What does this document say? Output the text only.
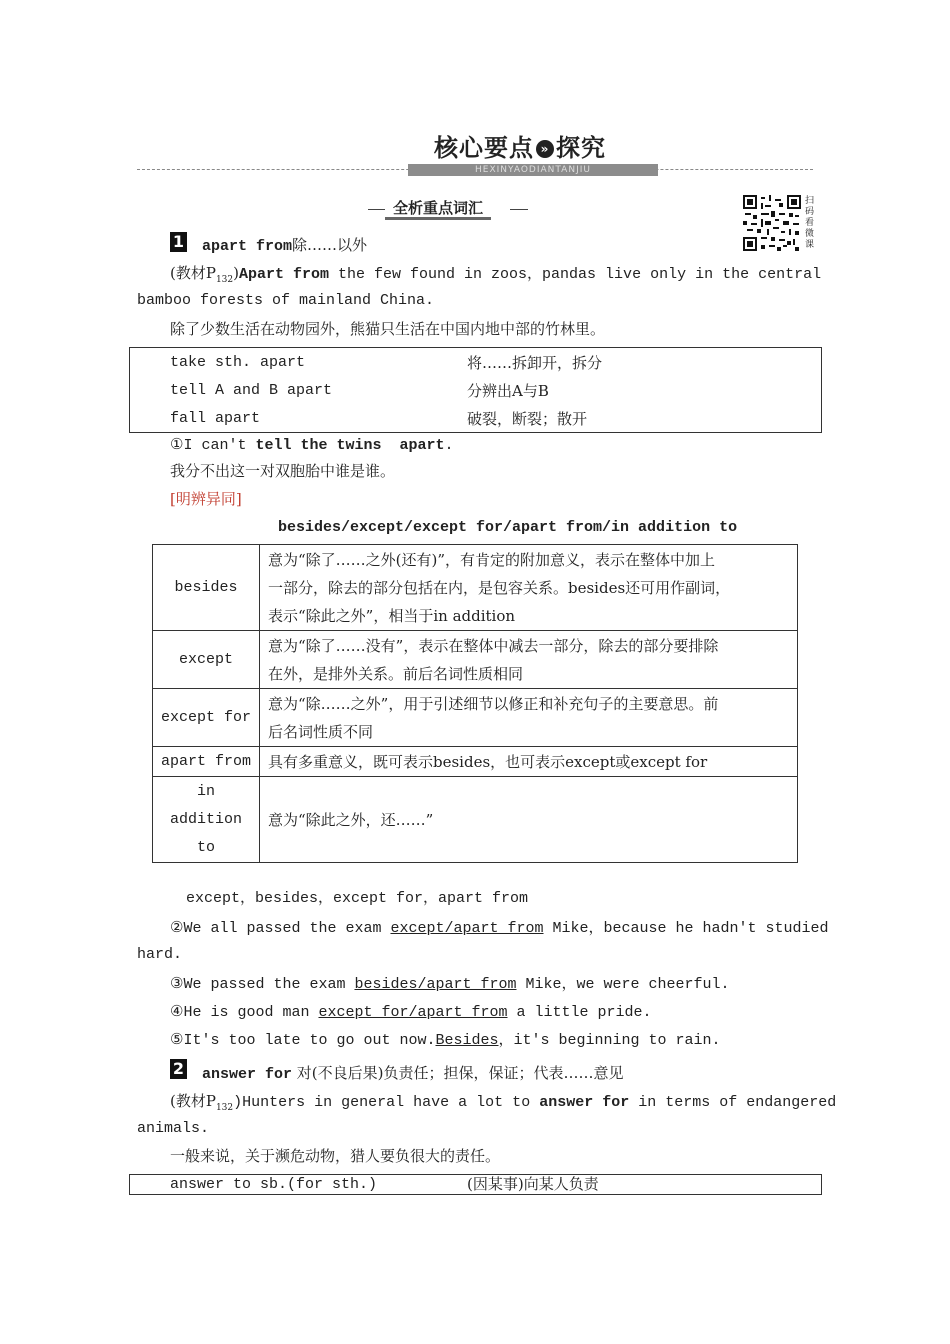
核心要点 » 探究
HEXINYAODIANTANJIU
全析重点词汇	扫码看微课
1 apart from除……以外
(教材$P_{132})Apart$ from the few found in zoos，pandas live only in the central
bamboo forests of mainland China.
除了少数生活在动物园外，熊猫只生活在中国内地中部的竹林里。
take sth. apart	将……拆卸开，拆分
tell A and B apart	分辨出A与B
fall apart	破裂，断裂；散开
①I can't tell the twins  apart.
我分不出这一对双胞胎中谁是谁。
[明辨异同]
besides/except/except for/apart from/in addition to
besides	意为“除了……之外(还有)”，有肯定的附加意义，表示在整体中加上
一部分，除去的部分包括在内，是包容关系。besides还可用作副词，
表示“除此之外”，相当于in addition

except	意为“除了……没有”，表示在整体中减去一部分，除去的部分要排除
在外，是排外关系。前后名词性质相同

except for	意为“除……之外”，用于引述细节以修正和补充句子的主要意思。前
后名词性质不同

apart from	具有多重意义，既可表示besides，也可表示except或except for

in
addition
to	意为“除此之外，还……”
except，besides，except for，apart from
②We all passed the exam except/apart from Mike，because he hadn't studied
hard.
③We passed the exam besides/apart from Mike，we were cheerful.
④He is good man except for/apart from a little pride.
⑤It's too late to go out now.Besides，it's beginning to rain.
2 answer for 对(不良后果)负责任；担保，保证；代表……意见
(教材$P_{132})Hunters$ in general have a lot to answer for in terms of endangered
animals.
一般来说，关于濒危动物，猎人要负很大的责任。
answer to sb.(for sth.)	(因某事)向某人负责
